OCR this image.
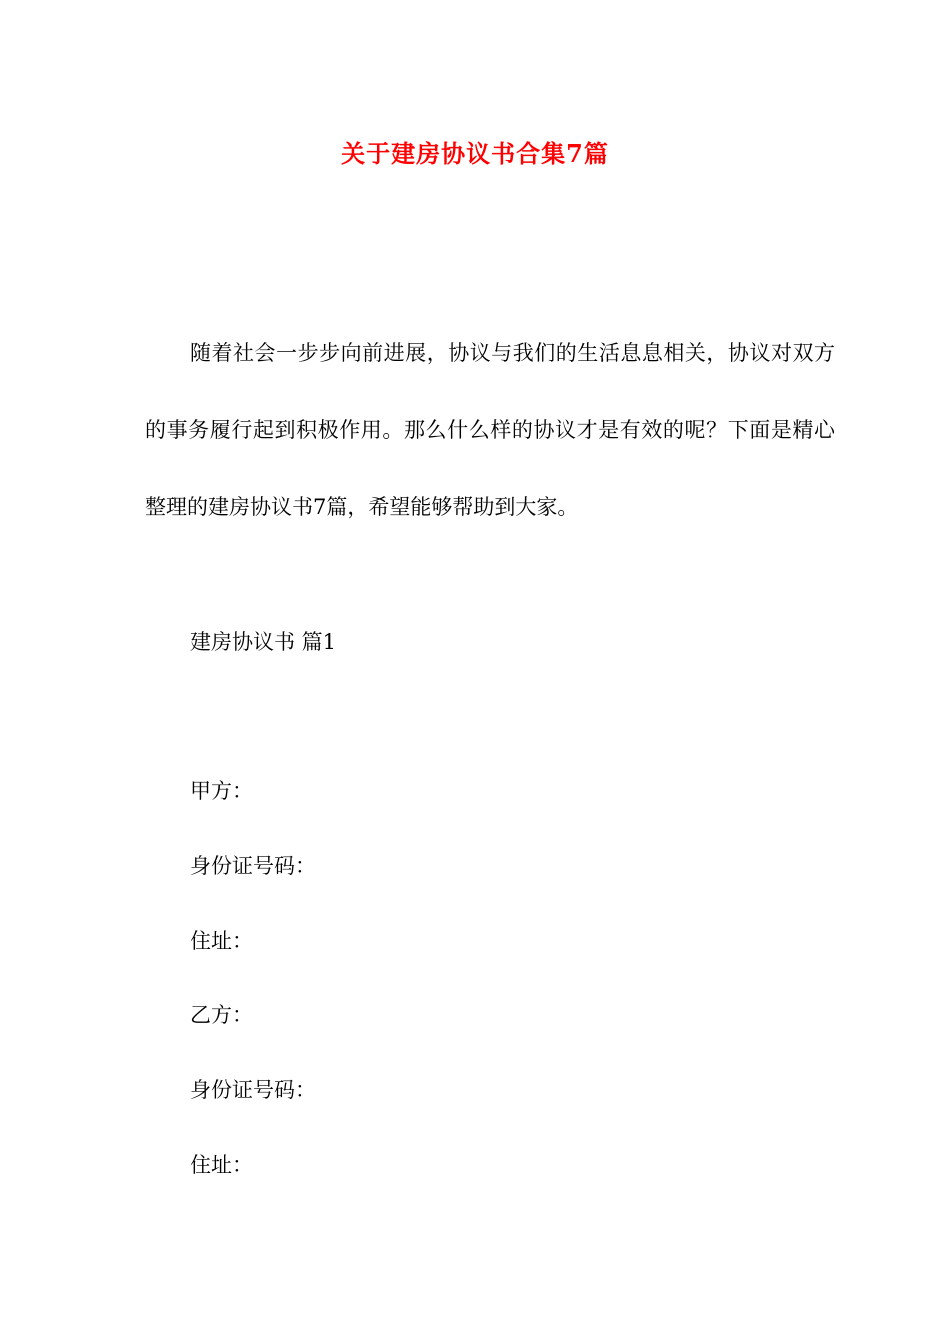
关于建房协议书合集7篇
随着社会一步步向前进展，协议与我们的生活息息相关，协议对双方的事务履行起到积极作用。那么什么样的协议才是有效的呢？下面是精心整理的建房协议书7篇，希望能够帮助到大家。
建房协议书 篇1
甲方：
身份证号码：
住址：
乙方：
身份证号码：
住址：
